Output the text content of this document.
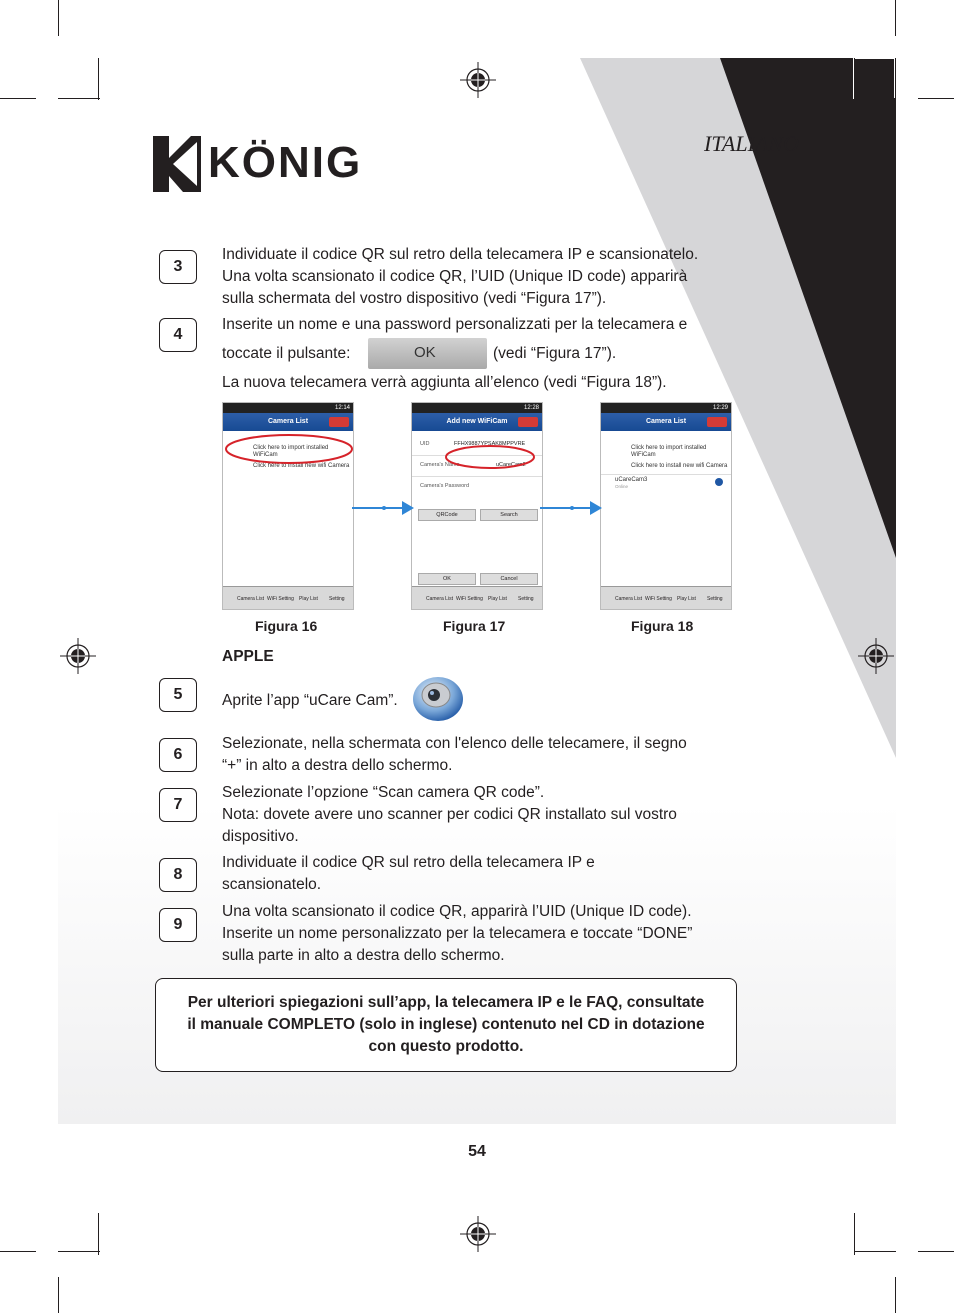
KÖNIG	ITALIANO
3
Individuate il codice QR sul retro della telecamera IP e scansionatelo.
Una volta scansionato il codice QR, l’UID (Unique ID code) apparirà
sulla schermata del vostro dispositivo (vedi “Figura 17”).
4
Inserite un nome e una password personalizzati per la telecamera e
toccate il pulsante:	OK	(vedi “Figura 17”).
La nuova telecamera verrà aggiunta all’elenco (vedi “Figura 18”).
12:14
Camera List
Click here to import installed WiFiCam
Click here to install new wifi Camera
Camera List WiFi Setting Play List Setting
12:28
Add new WiFiCam
UID	FFHX9887YPSAK8MPPVRE
Camera's Name	uCareCam2
Camera's Password
QRCode	Search
OK	Cancel
Camera List WiFi Setting Play List Setting
12:29
Camera List
Click here to import installed WiFiCam
Click here to install new wifi Camera
uCareCam3
Online
Camera List WiFi Setting Play List Setting
Figura 16	Figura 17	Figura 18
APPLE
5	Aprite l’app “uCare Cam”.
6
Selezionate, nella schermata con l'elenco delle telecamere, il segno
“+” in alto a destra dello schermo.
7
Selezionate l’opzione “Scan camera QR code”.
Nota: dovete avere uno scanner per codici QR installato sul vostro
dispositivo.
8
Individuate il codice QR sul retro della telecamera IP e
scansionatelo.
9
Una volta scansionato il codice QR, apparirà l’UID (Unique ID code).
Inserite un nome personalizzato per la telecamera e toccate “DONE”
sulla parte in alto a destra dello schermo.
Per ulteriori spiegazioni sull’app, la telecamera IP e le FAQ, consultate
il manuale COMPLETO (solo in inglese) contenuto nel CD in dotazione
con questo prodotto.
54
